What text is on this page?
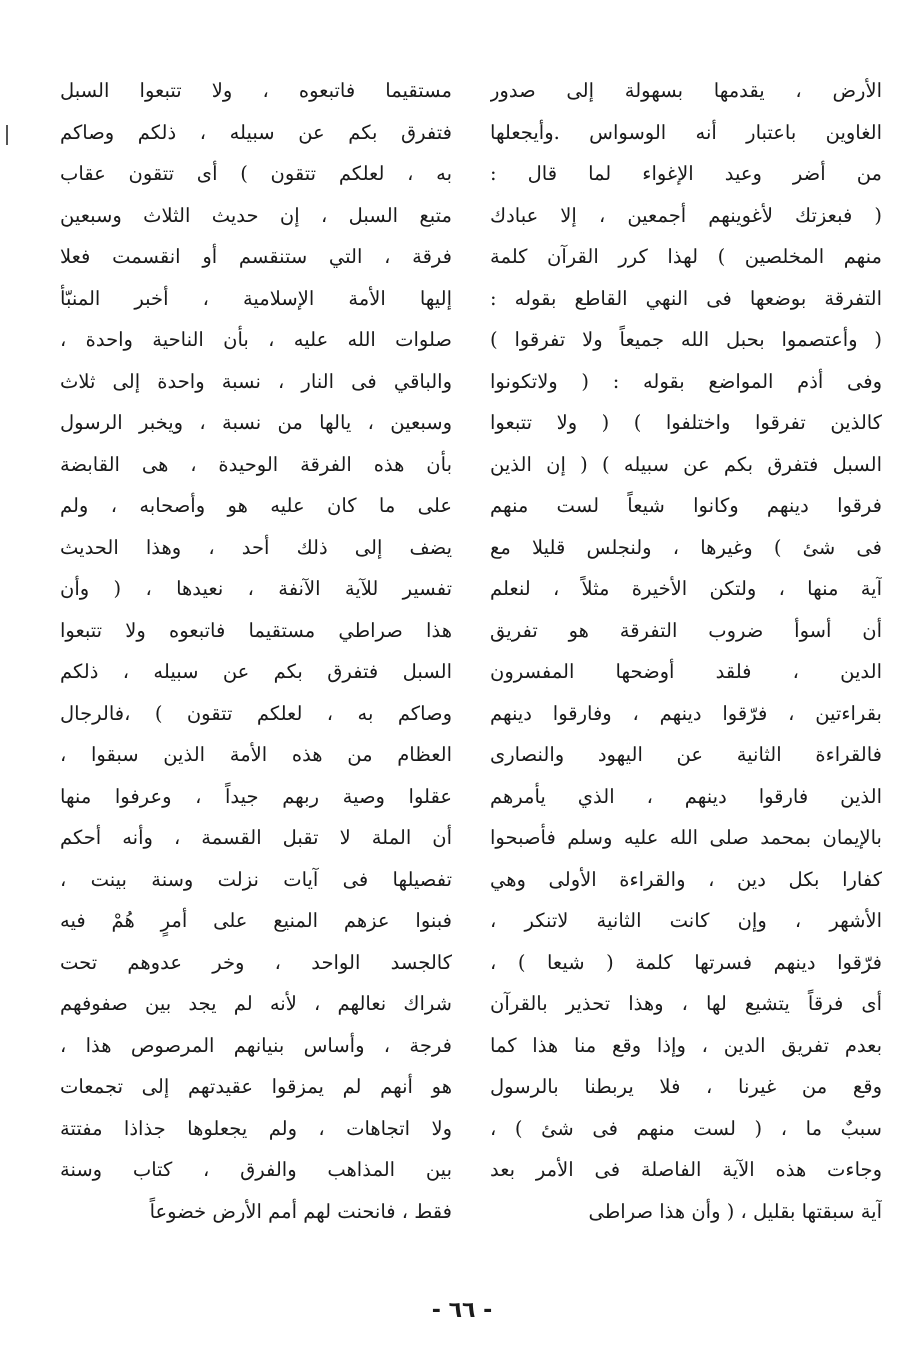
الأرض ، يقدمها بسهولة إلى صدور
الغاوين باعتبار أنه الوسواس .وأيجعلها
من أضر وعيد الإغواء لما قال :
( فبعزتك لأغوينهم أجمعين ، إلا عبادك
منهم المخلصين ) لهذا كرر القرآن كلمة
التفرقة بوضعها فى النهي القاطع بقوله :
( وأعتصموا بحبل الله جميعاً ولا تفرقوا )
وفى أذم المواضع بقوله : ( ولاتكونوا
كالذين تفرقوا واختلفوا ) ( ولا تتبعوا
السبل فتفرق بكم عن سبيله ) ( إن الذين
فرقوا دينهم وكانوا شيعاً لست منهم
فى شئ ) وغيرها ، ولنجلس قليلا مع
آية منها ، ولتكن الأخيرة مثلاً ، لنعلم
أن أسوأ ضروب التفرقة هو تفريق
الدين ، فلقد أوضحها المفسرون
بقراءتين ، فرّقوا دينهم ، وفارقوا دينهم
فالقراءة الثانية عن اليهود والنصارى
الذين فارقوا دينهم ، الذي يأمرهم
بالإيمان بمحمد صلى الله عليه وسلم فأصبحوا
كفارا بكل دين ، والقراءة الأولى وهي
الأشهر ، وإن كانت الثانية لاتنكر ،
فرّقوا دينهم فسرتها كلمة ( شيعا ) ،
أى فرقاً يتشيع لها ، وهذا تحذير بالقرآن
بعدم تفريق الدين ، وإذا وقع منا هذا كما
وقع من غيرنا ، فلا يربطنا بالرسول
سببٌ ما ، ( لست منهم فى شئ ) ،
وجاءت هذه الآية الفاصلة فى الأمر بعد
آية سبقتها بقليل ، ( وأن هذا صراطى
مستقيما فاتبعوه ، ولا تتبعوا السبل
فتفرق بكم عن سبيله ، ذلكم وصاكم
به ، لعلكم تتقون ) أى تتقون عقاب
متبع السبل ، إن حديث الثلاث وسبعين
فرقة ، التي ستنقسم أو انقسمت فعلا
إليها الأمة الإسلامية ، أخبر المنبّأ
صلوات الله عليه ، بأن الناحية واحدة ،
والباقي فى النار ، نسبة واحدة إلى ثلاث
وسبعين ، يالها من نسبة ، ويخبر الرسول
بأن هذه الفرقة الوحيدة ، هى القابضة
على ما كان عليه هو وأصحابه ، ولم
يضف إلى ذلك أحد ، وهذا الحديث
تفسير للآية الآنفة ، نعيدها ، ( وأن
هذا صراطي مستقيما فاتبعوه ولا تتبعوا
السبل فتفرق بكم عن سبيله ، ذلكم
وصاكم به ، لعلكم تتقون ) ،فالرجال
العظام من هذه الأمة الذين سبقوا ،
عقلوا وصية ربهم جيداً ، وعرفوا منها
أن الملة لا تقبل القسمة ، وأنه أحكم
تفصيلها فى آيات نزلت وسنة بينت ،
فبنوا عزهم المنيع على أمرٍ هُمْ فيه
كالجسد الواحد ، وخر عدوهم تحت
شراك نعالهم ، لأنه لم يجد بين صفوفهم
فرجة ، وأساس بنيانهم المرصوص هذا ،
هو أنهم لم يمزقوا عقيدتهم إلى تجمعات
ولا اتجاهات ، ولم يجعلوها جذاذا مفتتة
بين المذاهب والفرق ، كتاب وسنة
فقط ، فانحنت لهم أمم الأرض خضوعاً
- ٦٦ -
